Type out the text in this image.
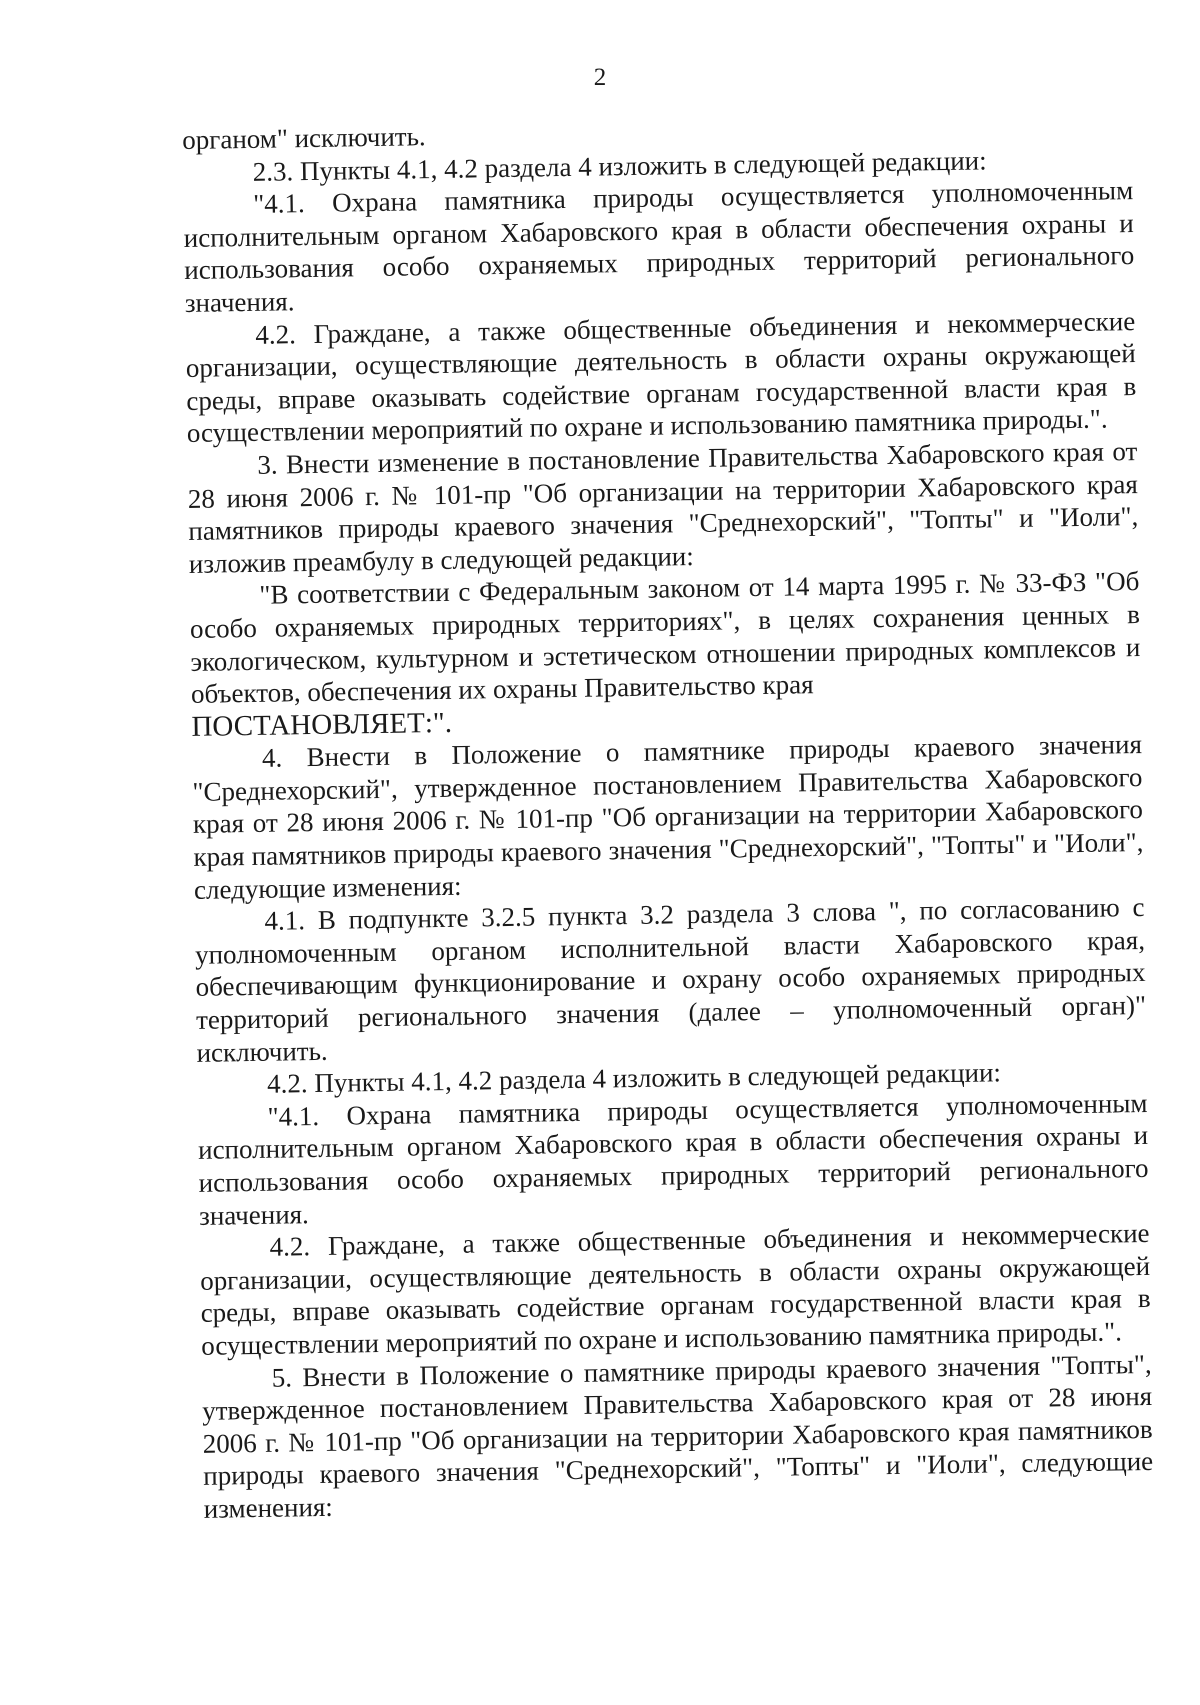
2

органом" исключить.

2.3. Пункты 4.1, 4.2 раздела 4 изложить в следующей редакции:

"4.1. Охрана памятника природы осуществляется уполномоченным исполнительным органом Хабаровского края в области обеспечения охраны и использования особо охраняемых природных территорий регионального значения.

4.2. Граждане, а также общественные объединения и некоммерческие организации, осуществляющие деятельность в области охраны окружающей среды, вправе оказывать содействие органам государственной власти края в осуществлении мероприятий по охране и использованию памятника природы.".

3. Внести изменение в постановление Правительства Хабаровского края от 28 июня 2006 г. № 101-пр "Об организации на территории Хабаровского края памятников природы краевого значения "Среднехорский", "Топты" и "Иоли", изложив преамбулу в следующей редакции:

"В соответствии с Федеральным законом от 14 марта 1995 г. № 33-ФЗ "Об особо охраняемых природных территориях", в целях сохранения ценных в экологическом, культурном и эстетическом отношении природных комплексов и объектов, обеспечения их охраны Правительство края

ПОСТАНОВЛЯЕТ:".

4. Внести в Положение о памятнике природы краевого значения "Среднехорский", утвержденное постановлением Правительства Хабаровского края от 28 июня 2006 г. № 101-пр "Об организации на территории Хабаровского края памятников природы краевого значения "Среднехорский", "Топты" и "Иоли", следующие изменения:

4.1. В подпункте 3.2.5 пункта 3.2 раздела 3 слова ", по согласованию с уполномоченным органом исполнительной власти Хабаровского края, обеспечивающим функционирование и охрану особо охраняемых природных территорий регионального значения (далее – уполномоченный орган)" исключить.

4.2. Пункты 4.1, 4.2 раздела 4 изложить в следующей редакции:

"4.1. Охрана памятника природы осуществляется уполномоченным исполнительным органом Хабаровского края в области обеспечения охраны и использования особо охраняемых природных территорий регионального значения.

4.2. Граждане, а также общественные объединения и некоммерческие организации, осуществляющие деятельность в области охраны окружающей среды, вправе оказывать содействие органам государственной власти края в осуществлении мероприятий по охране и использованию памятника природы.".

5. Внести в Положение о памятнике природы краевого значения "Топты", утвержденное постановлением Правительства Хабаровского края от 28 июня 2006 г. № 101-пр "Об организации на территории Хабаровского края памятников природы краевого значения "Среднехорский", "Топты" и "Иоли", следующие изменения:
